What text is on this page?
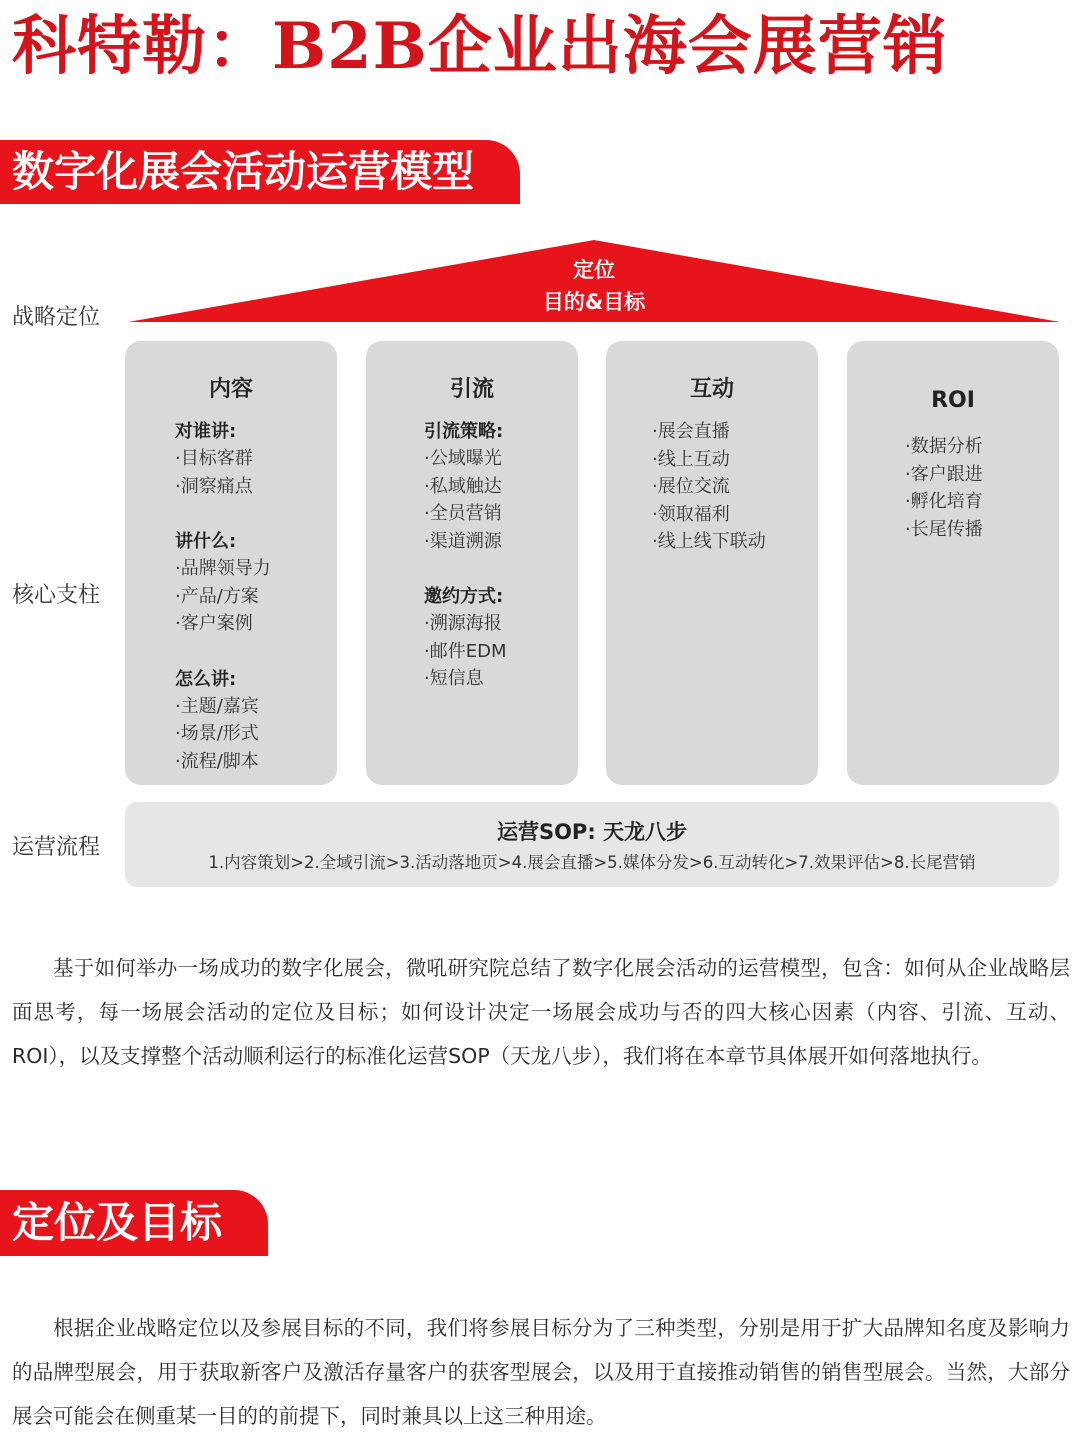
科特勒：B2B企业出海会展营销
数字化展会活动运营模型
战略定位
核心支柱
运营流程
定位
目的&目标
内容
对谁讲:
·目标客群
·洞察痛点
讲什么:
·品牌领导力
·产品/方案
·客户案例
怎么讲:
·主题/嘉宾
·场景/形式
·流程/脚本
引流
引流策略:
·公域曝光
·私域触达
·全员营销
·渠道溯源
邀约方式:
·溯源海报
·邮件EDM
·短信息
互动
·展会直播
·线上互动
·展位交流
·领取福利
·线上线下联动
ROI
·数据分析
·客户跟进
·孵化培育
·长尾传播
运营SOP: 天龙八步
1.内容策划>2.全域引流>3.活动落地页>4.展会直播>5.媒体分发>6.互动转化>7.效果评估>8.长尾营销

基于如何举办一场成功的数字化展会，微吼研究院总结了数字化展会活动的运营模型，包含：如何从企业战略层面思考，每一场展会活动的定位及目标；如何设计决定一场展会成功与否的四大核心因素（内容、引流、互动、ROI），以及支撑整个活动顺利运行的标准化运营SOP（天龙八步），我们将在本章节具体展开如何落地执行。

定位及目标

根据企业战略定位以及参展目标的不同，我们将参展目标分为了三种类型，分别是用于扩大品牌知名度及影响力的品牌型展会，用于获取新客户及激活存量客户的获客型展会，以及用于直接推动销售的销售型展会。当然，大部分展会可能会在侧重某一目的的前提下，同时兼具以上这三种用途。
